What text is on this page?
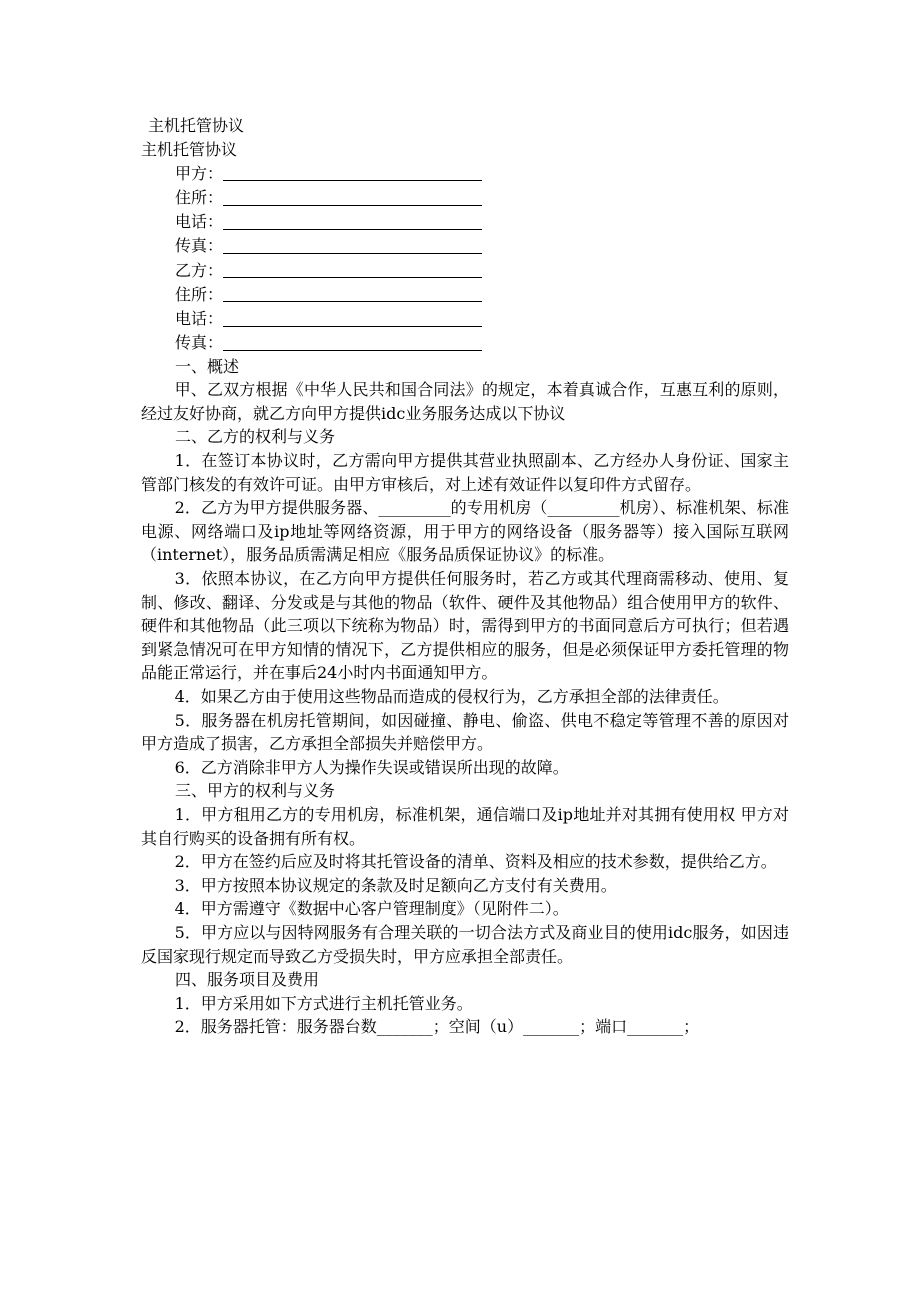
主机托管协议
主机托管协议
甲方：
住所：
电话：
传真：
乙方：
住所：
电话：
传真：

一、概述

甲、乙双方根据《中华人民共和国合同法》的规定，本着真诚合作，互惠互利的原则，经过友好协商，就乙方向甲方提供idc业务服务达成以下协议

二、乙方的权利与义务

1．在签订本协议时，乙方需向甲方提供其营业执照副本、乙方经办人身份证、国家主管部门核发的有效许可证。由甲方审核后，对上述有效证件以复印件方式留存。

2．乙方为甲方提供服务器、_________的专用机房（_________机房）、标准机架、标准电源、网络端口及ip地址等网络资源，用于甲方的网络设备（服务器等）接入国际互联网（internet），服务品质需满足相应《服务品质保证协议》的标准。

3．依照本协议，在乙方向甲方提供任何服务时，若乙方或其代理商需移动、使用、复制、修改、翻译、分发或是与其他的物品（软件、硬件及其他物品）组合使用甲方的软件、硬件和其他物品（此三项以下统称为物品）时，需得到甲方的书面同意后方可执行；但若遇到紧急情况可在甲方知情的情况下，乙方提供相应的服务，但是必须保证甲方委托管理的物品能正常运行，并在事后24小时内书面通知甲方。

4．如果乙方由于使用这些物品而造成的侵权行为，乙方承担全部的法律责任。

5．服务器在机房托管期间，如因碰撞、静电、偷盗、供电不稳定等管理不善的原因对甲方造成了损害，乙方承担全部损失并赔偿甲方。

6．乙方消除非甲方人为操作失误或错误所出现的故障。

三、甲方的权利与义务

1．甲方租用乙方的专用机房，标准机架，通信端口及ip地址并对其拥有使用权 甲方对其自行购买的设备拥有所有权。

2．甲方在签约后应及时将其托管设备的清单、资料及相应的技术参数，提供给乙方。

3．甲方按照本协议规定的条款及时足额向乙方支付有关费用。

4．甲方需遵守《数据中心客户管理制度》（见附件二）。

5．甲方应以与因特网服务有合理关联的一切合法方式及商业目的使用idc服务，如因违反国家现行规定而导致乙方受损失时，甲方应承担全部责任。

四、服务项目及费用

1．甲方采用如下方式进行主机托管业务。

2．服务器托管：服务器台数_______；空间（u）_______；端口_______；
